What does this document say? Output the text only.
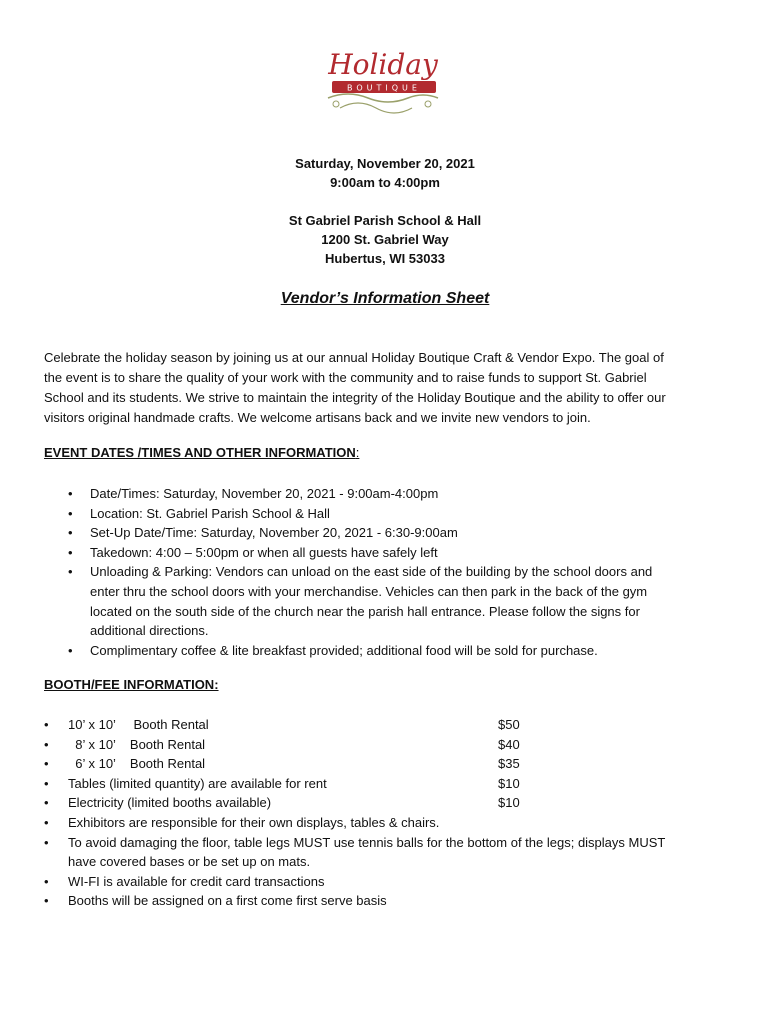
Holiday
BOUTIQUE
Saturday, November 20, 2021
9:00am to 4:00pm
St Gabriel Parish School & Hall
1200 St. Gabriel Way
Hubertus, WI 53033
Vendor’s Information Sheet
Celebrate the holiday season by joining us at our annual Holiday Boutique Craft & Vendor Expo. The goal of
the event is to share the quality of your work with the community and to raise funds to support St. Gabriel
School and its students. We strive to maintain the integrity of the Holiday Boutique and the ability to offer our
visitors original handmade crafts. We welcome artisans back and we invite new vendors to join.
EVENT DATES /TIMES AND OTHER INFORMATION:
• Date/Times: Saturday, November 20, 2021 - 9:00am-4:00pm
• Location: St. Gabriel Parish School & Hall
• Set-Up Date/Time: Saturday, November 20, 2021 - 6:30-9:00am
• Takedown: 4:00 – 5:00pm or when all guests have safely left
• Unloading & Parking: Vendors can unload on the east side of the building by the school doors and
enter thru the school doors with your merchandise. Vehicles can then park in the back of the gym
located on the south side of the church near the parish hall entrance. Please follow the signs for
additional directions.
• Complimentary coffee & lite breakfast provided; additional food will be sold for purchase.
BOOTH/FEE INFORMATION:
• 10’ x 10’     Booth Rental	$50
• 8’ x 10’    Booth Rental	$40
• 6’ x 10’    Booth Rental	$35
• Tables (limited quantity) are available for rent	$10
• Electricity (limited booths available)	$10
• Exhibitors are responsible for their own displays, tables & chairs.
• To avoid damaging the floor, table legs MUST use tennis balls for the bottom of the legs; displays MUST
have covered bases or be set up on mats.
• WI-FI is available for credit card transactions
• Booths will be assigned on a first come first serve basis
